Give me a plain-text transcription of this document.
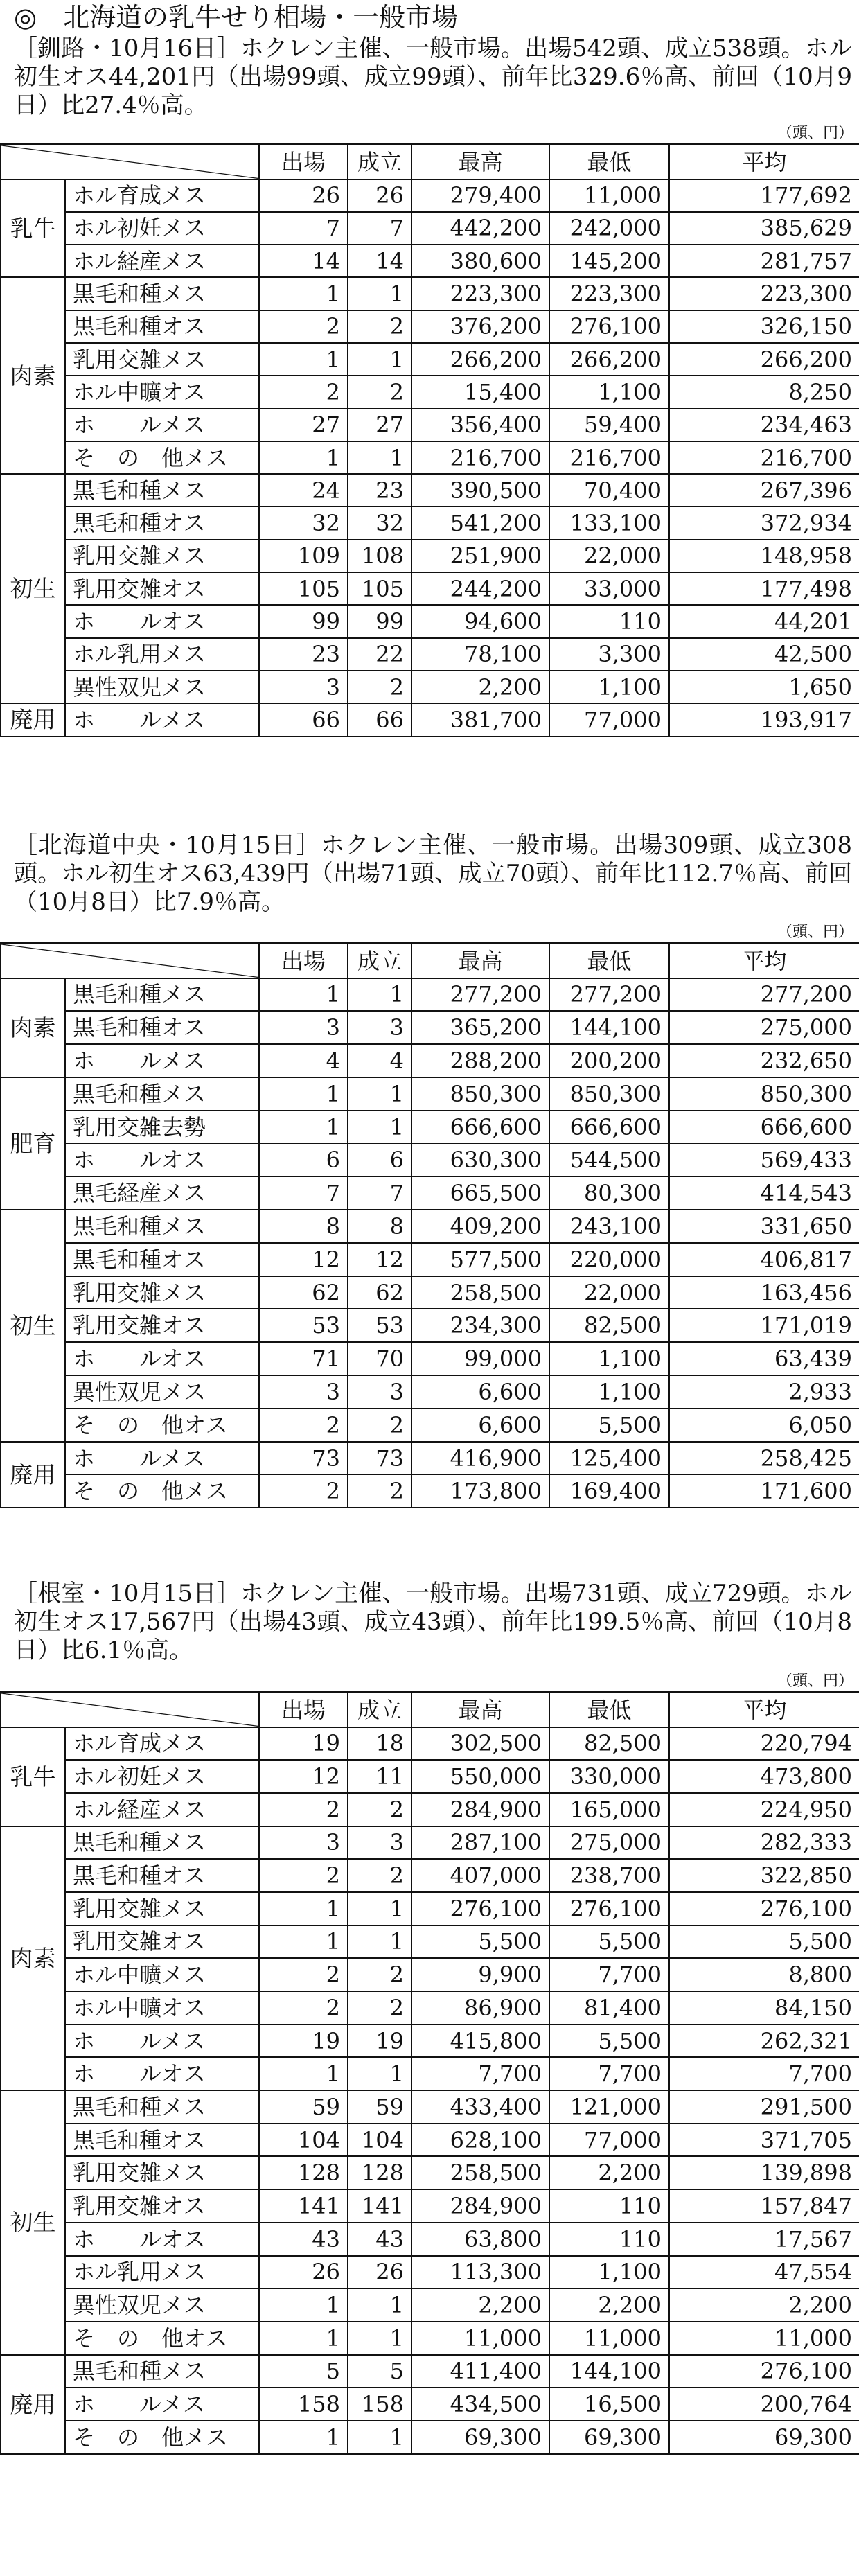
◎　北海道の乳牛せり相場・一般市場
［釧路・10月16日］ホクレン主催、一般市場。出場542頭、成立538頭。ホル初生オス44,201円（出場99頭、成立99頭）、前年比329.6％高、前回（10月9日）比27.4％高。
（頭、円）
	出場	成立	最高	最低	平均
乳牛	ホル育成メス	26	26	279,400	11,000	177,692
	ホル初妊メス	7	7	442,200	242,000	385,629
	ホル経産メス	14	14	380,600	145,200	281,757
肉素	黒毛和種メス	1	1	223,300	223,300	223,300
	黒毛和種オス	2	2	376,200	276,100	326,150
	乳用交雑メス	1	1	266,200	266,200	266,200
	ホル中曠オス	2	2	15,400	1,100	8,250
	ホ　　ルメス	27	27	356,400	59,400	234,463
	そ　の　他メス	1	1	216,700	216,700	216,700
初生	黒毛和種メス	24	23	390,500	70,400	267,396
	黒毛和種オス	32	32	541,200	133,100	372,934
	乳用交雑メス	109	108	251,900	22,000	148,958
	乳用交雑オス	105	105	244,200	33,000	177,498
	ホ　　ルオス	99	99	94,600	110	44,201
	ホル乳用メス	23	22	78,100	3,300	42,500
	異性双児メス	3	2	2,200	1,100	1,650
廃用	ホ　　ルメス	66	66	381,700	77,000	193,917
［北海道中央・10月15日］ホクレン主催、一般市場。出場309頭、成立308頭。ホル初生オス63,439円（出場71頭、成立70頭）、前年比112.7％高、前回（10月8日）比7.9％高。
（頭、円）
	出場	成立	最高	最低	平均
肉素	黒毛和種メス	1	1	277,200	277,200	277,200
	黒毛和種オス	3	3	365,200	144,100	275,000
	ホ　　ルメス	4	4	288,200	200,200	232,650
肥育	黒毛和種メス	1	1	850,300	850,300	850,300
	乳用交雑去勢	1	1	666,600	666,600	666,600
	ホ　　ルオス	6	6	630,300	544,500	569,433
	黒毛経産メス	7	7	665,500	80,300	414,543
初生	黒毛和種メス	8	8	409,200	243,100	331,650
	黒毛和種オス	12	12	577,500	220,000	406,817
	乳用交雑メス	62	62	258,500	22,000	163,456
	乳用交雑オス	53	53	234,300	82,500	171,019
	ホ　　ルオス	71	70	99,000	1,100	63,439
	異性双児メス	3	3	6,600	1,100	2,933
	そ　の　他オス	2	2	6,600	5,500	6,050
廃用	ホ　　ルメス	73	73	416,900	125,400	258,425
	そ　の　他メス	2	2	173,800	169,400	171,600
［根室・10月15日］ホクレン主催、一般市場。出場731頭、成立729頭。ホル初生オス17,567円（出場43頭、成立43頭）、前年比199.5％高、前回（10月8日）比6.1％高。
（頭、円）
	出場	成立	最高	最低	平均
乳牛	ホル育成メス	19	18	302,500	82,500	220,794
	ホル初妊メス	12	11	550,000	330,000	473,800
	ホル経産メス	2	2	284,900	165,000	224,950
肉素	黒毛和種メス	3	3	287,100	275,000	282,333
	黒毛和種オス	2	2	407,000	238,700	322,850
	乳用交雑メス	1	1	276,100	276,100	276,100
	乳用交雑オス	1	1	5,500	5,500	5,500
	ホル中曠メス	2	2	9,900	7,700	8,800
	ホル中曠オス	2	2	86,900	81,400	84,150
	ホ　　ルメス	19	19	415,800	5,500	262,321
	ホ　　ルオス	1	1	7,700	7,700	7,700
初生	黒毛和種メス	59	59	433,400	121,000	291,500
	黒毛和種オス	104	104	628,100	77,000	371,705
	乳用交雑メス	128	128	258,500	2,200	139,898
	乳用交雑オス	141	141	284,900	110	157,847
	ホ　　ルオス	43	43	63,800	110	17,567
	ホル乳用メス	26	26	113,300	1,100	47,554
	異性双児メス	1	1	2,200	2,200	2,200
	そ　の　他オス	1	1	11,000	11,000	11,000
廃用	黒毛和種メス	5	5	411,400	144,100	276,100
	ホ　　ルメス	158	158	434,500	16,500	200,764
	そ　の　他メス	1	1	69,300	69,300	69,300
